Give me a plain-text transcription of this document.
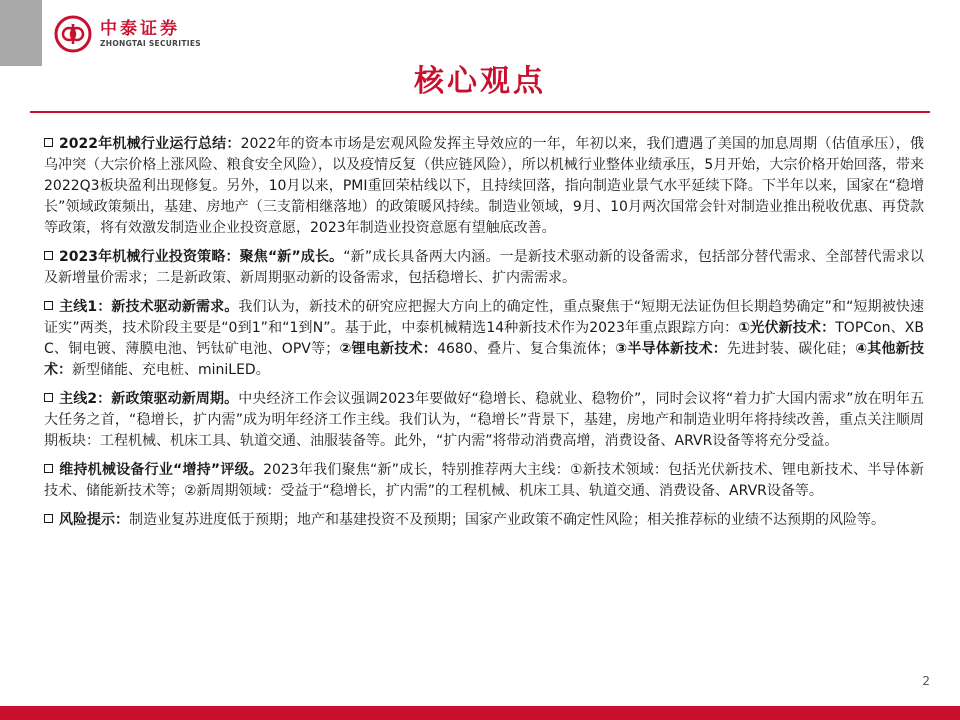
中泰证券
ZHONGTAI SECURITIES
核心观点

2022年机械行业运行总结：2022年的资本市场是宏观风险发挥主导效应的一年，年初以来，我们遭遇了美国的加息周期（估值承压），俄乌冲突（大宗价格上涨风险、粮食安全风险），以及疫情反复（供应链风险），所以机械行业整体业绩承压，5月开始，大宗价格开始回落，带来2022Q3板块盈利出现修复。另外，10月以来，PMI重回荣枯线以下，且持续回落，指向制造业景气水平延续下降。下半年以来，国家在“稳增长”领域政策频出，基建、房地产（三支箭相继落地）的政策暖风持续。制造业领域，9月、10月两次国常会针对制造业推出税收优惠、再贷款等政策，将有效激发制造业企业投资意愿，2023年制造业投资意愿有望触底改善。

2023年机械行业投资策略：聚焦“新”成长。“新”成长具备两大内涵。一是新技术驱动新的设备需求，包括部分替代需求、全部替代需求以及新增量价需求；二是新政策、新周期驱动新的设备需求，包括稳增长、扩内需需求。

主线1：新技术驱动新需求。我们认为，新技术的研究应把握大方向上的确定性，重点聚焦于“短期无法证伪但长期趋势确定”和“短期被快速证实”两类，技术阶段主要是“0到1”和“1到N”。基于此，中泰机械精选14种新技术作为2023年重点跟踪方向：①光伏新技术：TOPCon、XBC、铜电镀、薄膜电池、钙钛矿电池、OPV等；②锂电新技术：4680、叠片、复合集流体；③半导体新技术：先进封装、碳化硅；④其他新技术：新型储能、充电桩、miniLED。

主线2：新政策驱动新周期。中央经济工作会议强调2023年要做好“稳增长、稳就业、稳物价”，同时会议将“着力扩大国内需求”放在明年五大任务之首，“稳增长，扩内需”成为明年经济工作主线。我们认为，“稳增长”背景下，基建，房地产和制造业明年将持续改善，重点关注顺周期板块：工程机械、机床工具、轨道交通、油服装备等。此外，“扩内需”将带动消费高增，消费设备、ARVR设备等将充分受益。

维持机械设备行业“增持”评级。2023年我们聚焦“新”成长，特别推荐两大主线：①新技术领域：包括光伏新技术、锂电新技术、半导体新技术、储能新技术等；②新周期领域：受益于“稳增长，扩内需”的工程机械、机床工具、轨道交通、消费设备、ARVR设备等。

风险提示：制造业复苏进度低于预期；地产和基建投资不及预期；国家产业政策不确定性风险；相关推荐标的业绩不达预期的风险等。

2
